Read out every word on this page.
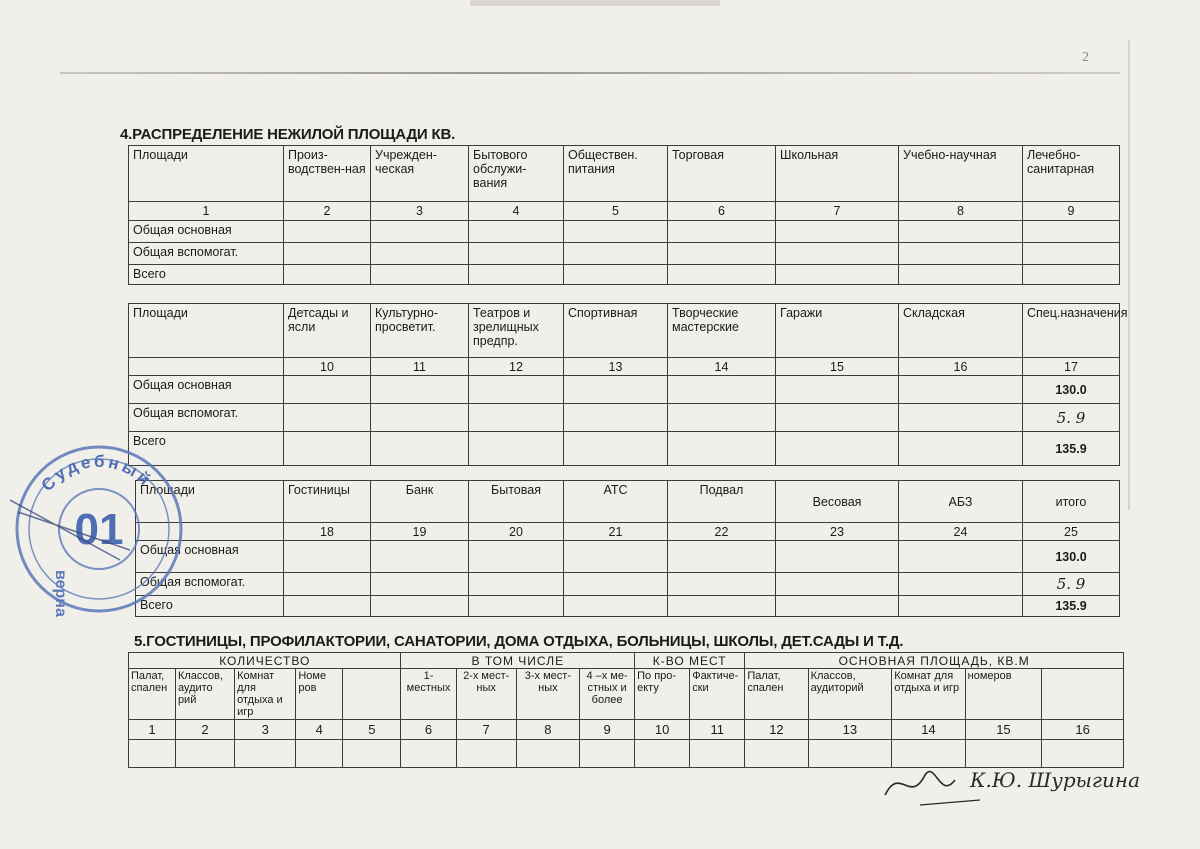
2
4.РАСПРЕДЕЛЕНИЕ НЕЖИЛОЙ ПЛОЩАДИ КВ.
Площади	Произ-водствен-ная	Учрежден-ческая	Бытового обслужи-вания	Обществен. питания	Торговая	Школьная	Учебно-научная	Лечебно-санитарная
1	2	3	4	5	6	7	8	9
Общая основная								
Общая вспомогат.								
Всего								
Площади	Детсады и ясли	Культурно-просветит.	Театров и зрелищных предпр.	Спортивная	Творческие мастерские	Гаражи	Складская	Спец.назначения
	10	11	12	13	14	15	16	17
Общая основная								130.0
Общая вспомогат.								5. 9
Всего								135.9
Площади	Гостиницы	Банк	Бытовая	АТС	Подвал	Весовая	АБЗ	итого
	18	19	20	21	22	23	24	25
Общая основная								130.0
Общая вспомогат.								5. 9
Всего								135.9
5.ГОСТИНИЦЫ, ПРОФИЛАКТОРИИ, САНАТОРИИ, ДОМА ОТДЫХА, БОЛЬНИЦЫ, ШКОЛЫ, ДЕТ.САДЫ И Т.Д.
КОЛИЧЕСТВО					В ТОМ ЧИСЛЕ				К-ВО МЕСТ		ОСНОВНАЯ ПЛОЩАДЬ, КВ.М				
Палат, спален	Классов, аудито рий	Комнат для отдыха и игр	Номе ров		1-местных	2-х мест-ных	3-х мест-ных	4 –х ме-стных и более	По про-екту	Фактиче-ски	Палат, спален	Классов, аудиторий	Комнат для отдыха и игр	номеров	
1	2	3	4	5	6	7	8	9	10	11	12	13	14	15	16

Судебный
01
верна
К.Ю. Шурыгина
